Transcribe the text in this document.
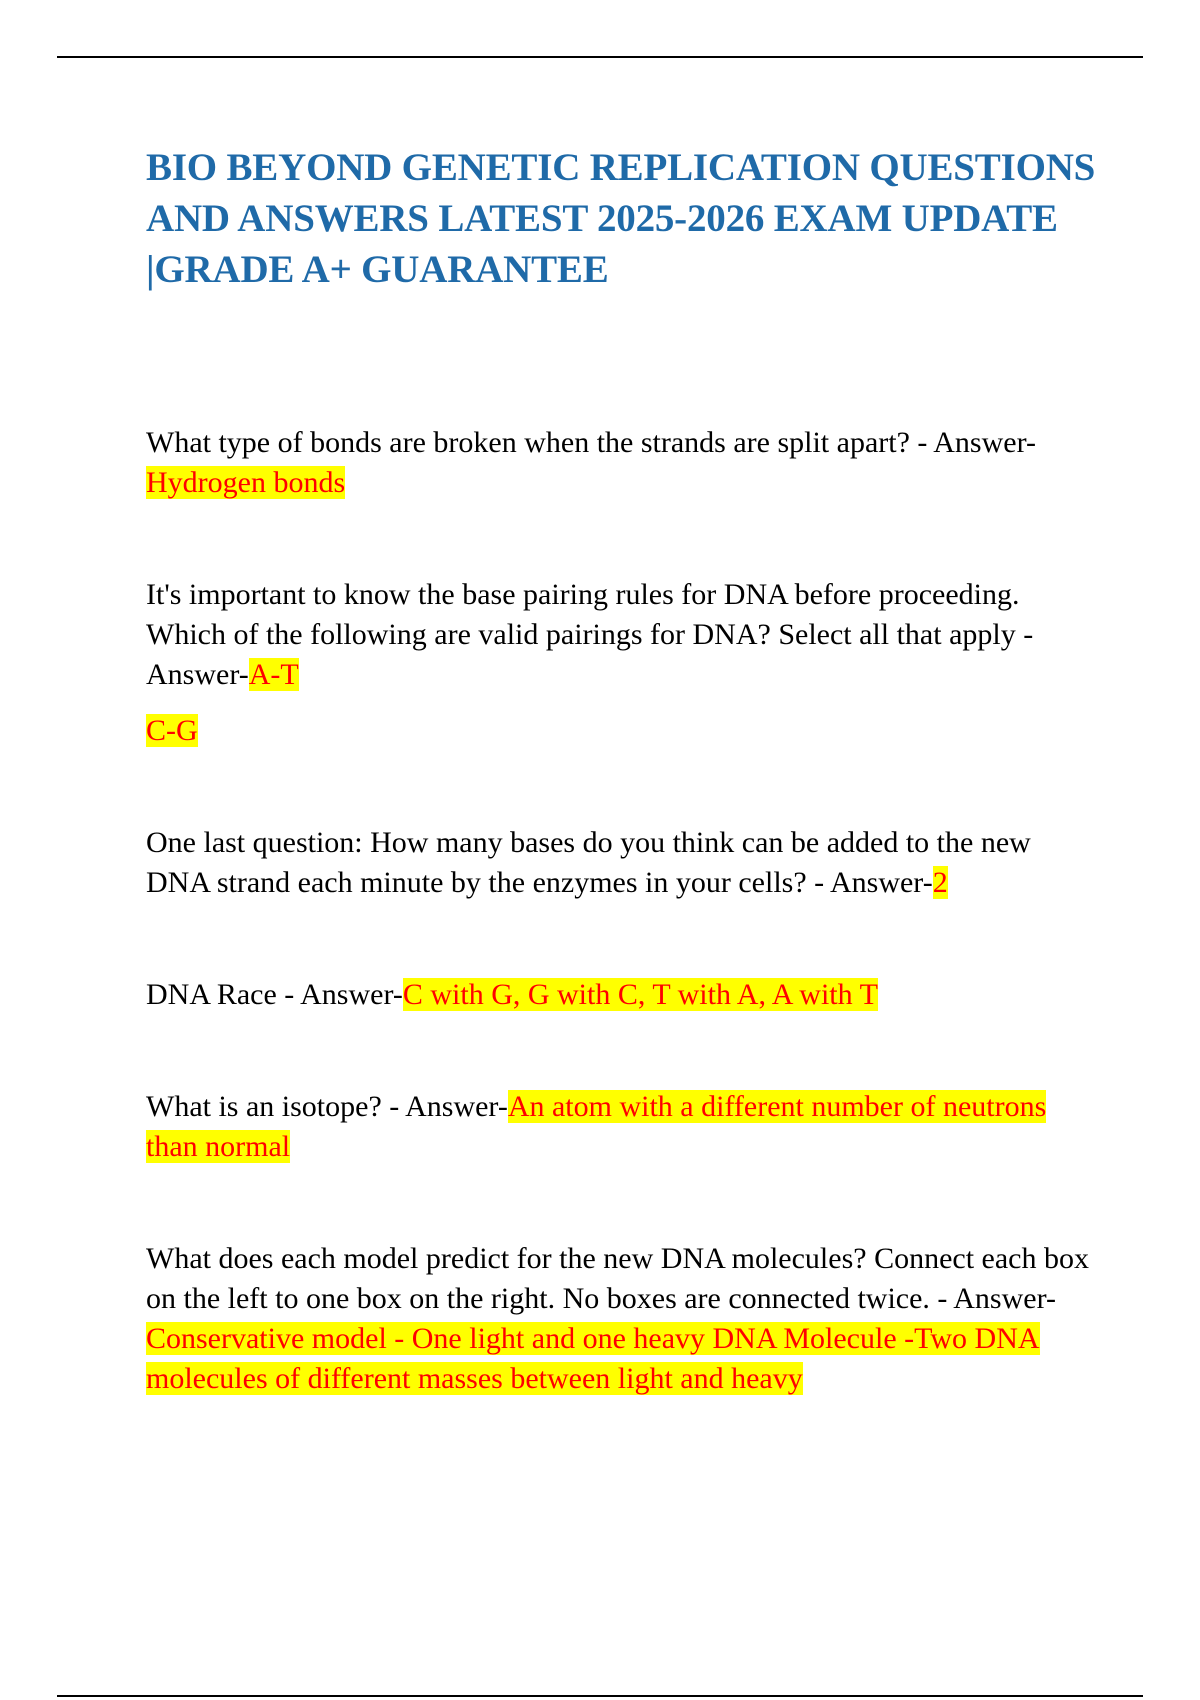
BIO BEYOND GENETIC REPLICATION QUESTIONS AND ANSWERS LATEST 2025-2026 EXAM UPDATE |GRADE A+ GUARANTEE

What type of bonds are broken when the strands are split apart? - Answer-Hydrogen bonds

It's important to know the base pairing rules for DNA before proceeding. Which of the following are valid pairings for DNA? Select all that apply - Answer-A-T

C-G

One last question: How many bases do you think can be added to the new DNA strand each minute by the enzymes in your cells? - Answer-2

DNA Race - Answer-C with G, G with C, T with A, A with T

What is an isotope? - Answer-An atom with a different number of neutrons than normal

What does each model predict for the new DNA molecules? Connect each box on the left to one box on the right. No boxes are connected twice. - Answer-Conservative model - One light and one heavy DNA Molecule -Two DNA molecules of different masses between light and heavy
